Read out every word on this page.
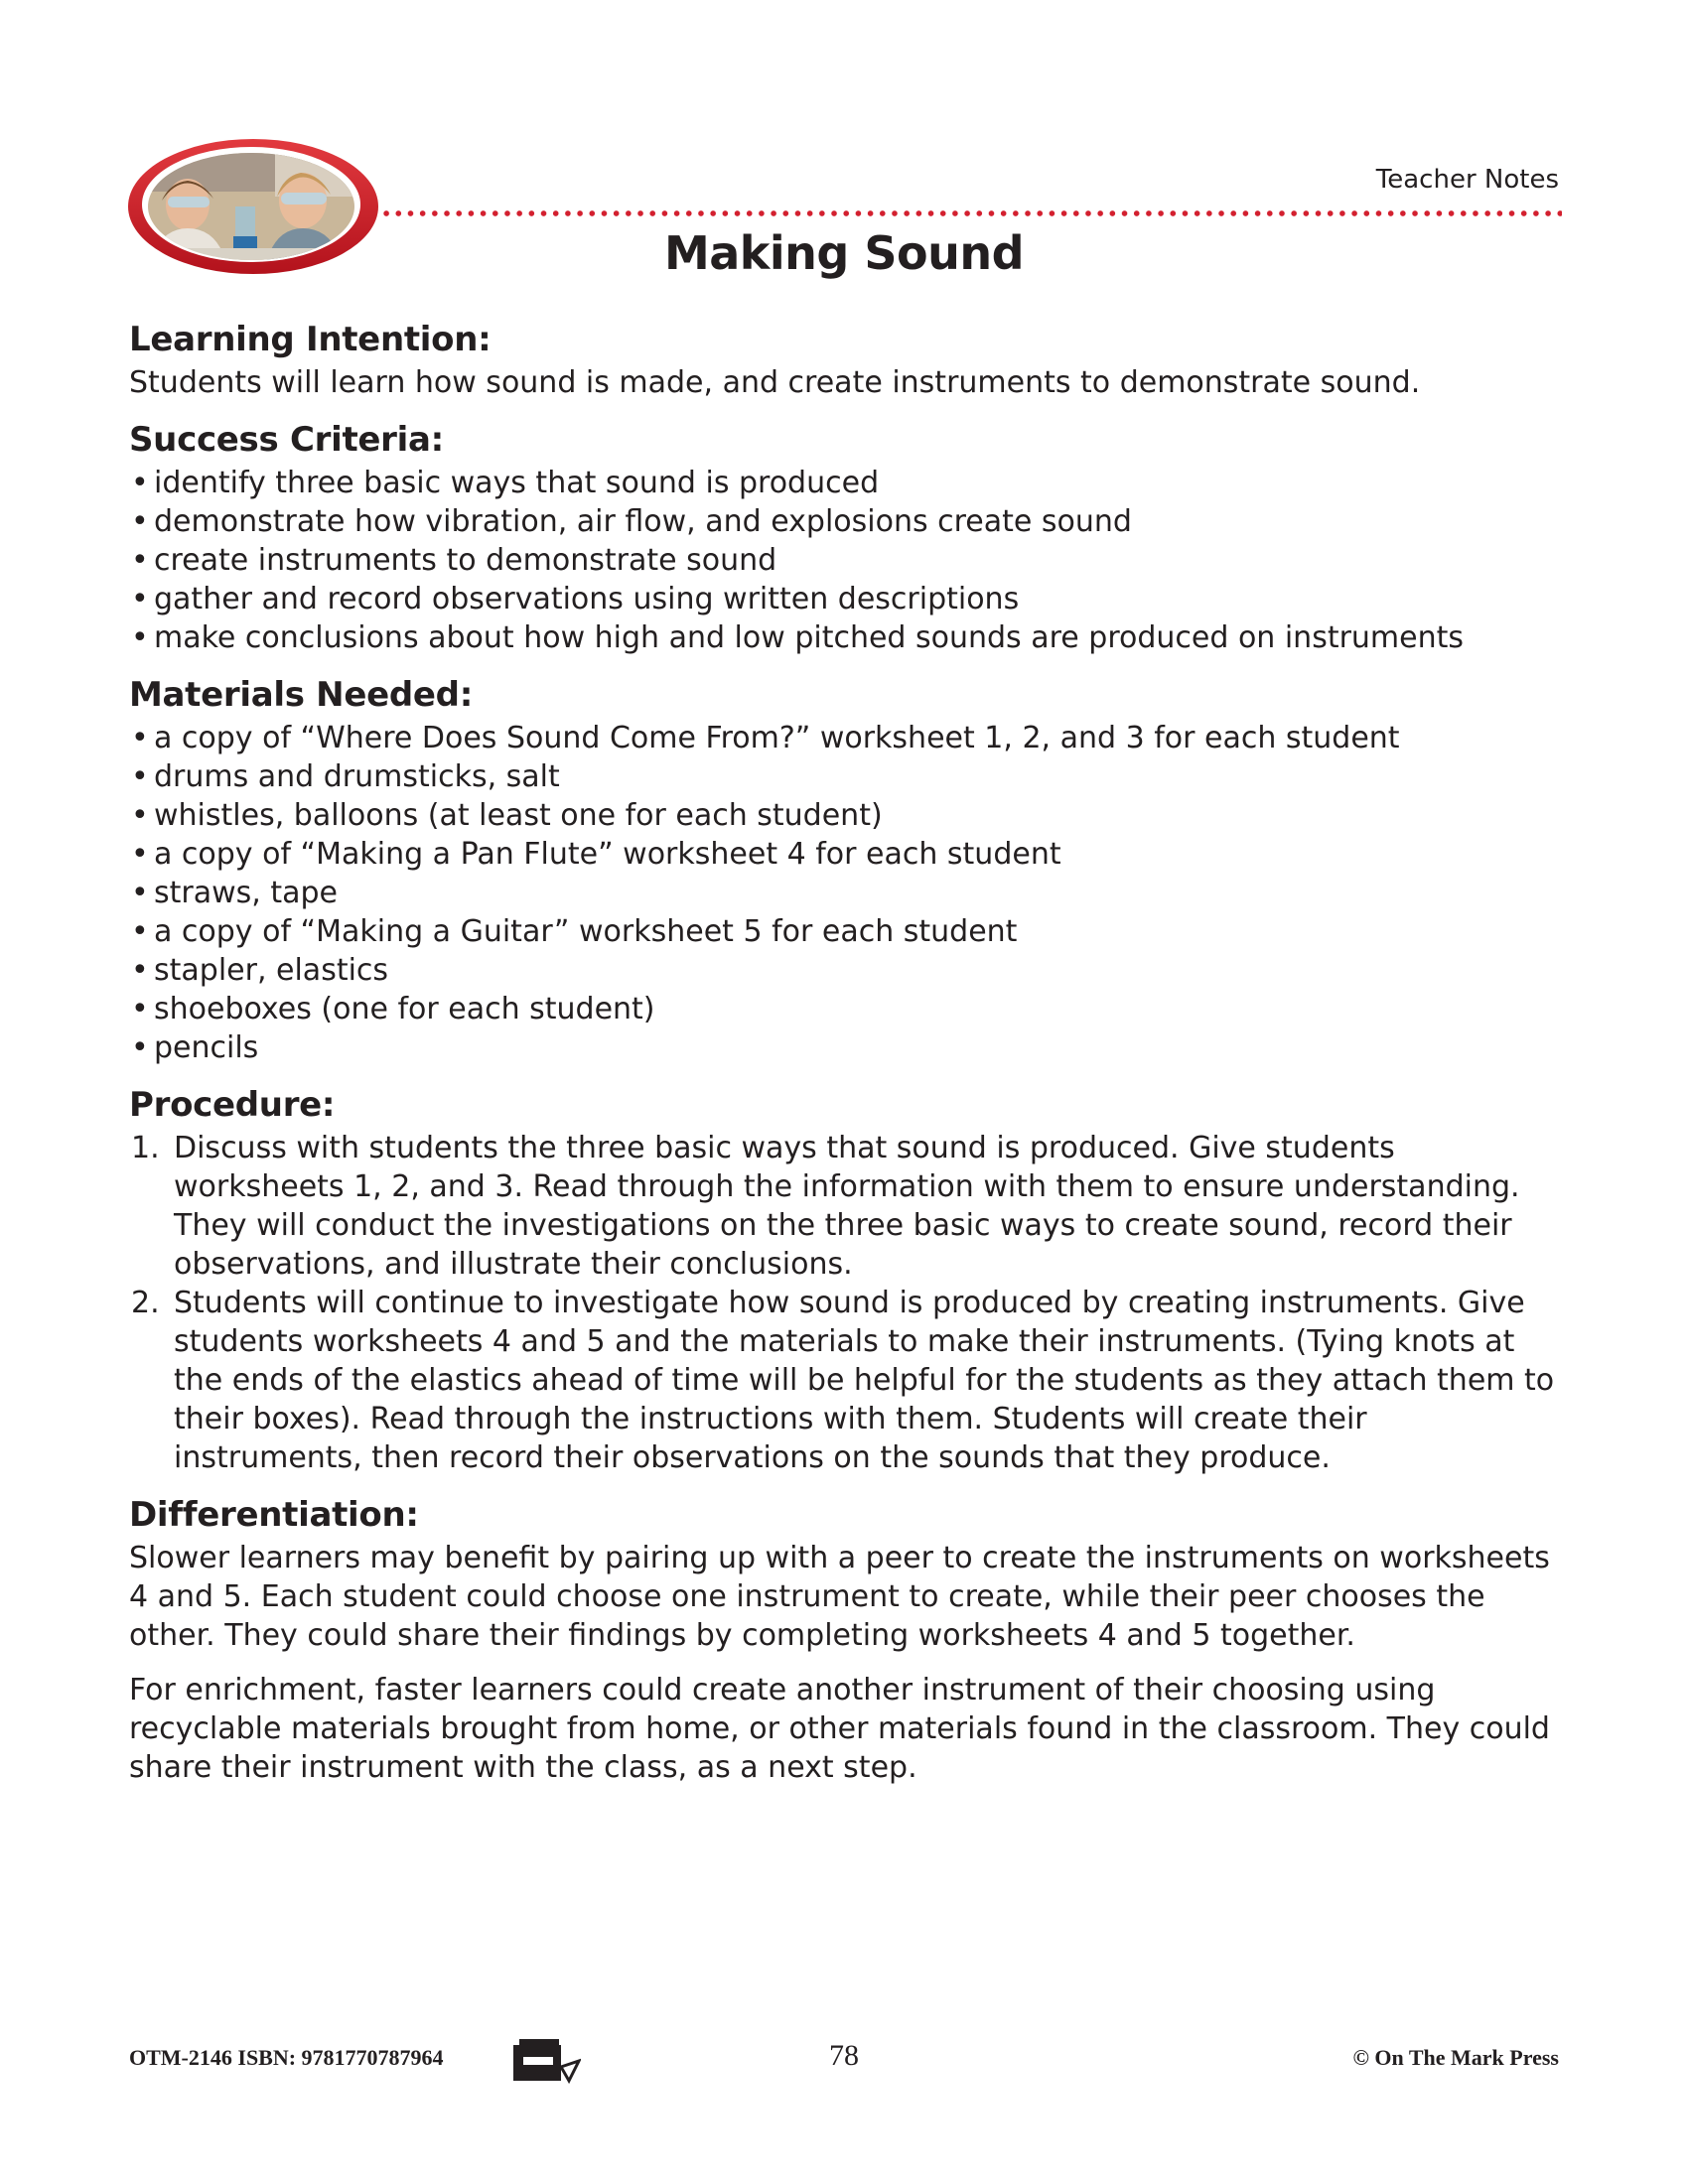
Teacher Notes
Making Sound
Learning Intention:

Students will learn how sound is made, and create instruments to demonstrate sound.

Success Criteria:
• identify three basic ways that sound is produced
• demonstrate how vibration, air flow, and explosions create sound
• create instruments to demonstrate sound
• gather and record observations using written descriptions
• make conclusions about how high and low pitched sounds are produced on instruments
Materials Needed:
• a copy of “Where Does Sound Come From?” worksheet 1, 2, and 3 for each student
• drums and drumsticks, salt
• whistles, balloons (at least one for each student)
• a copy of “Making a Pan Flute” worksheet 4 for each student
• straws, tape
• a copy of “Making a Guitar” worksheet 5 for each student
• stapler, elastics
• shoeboxes (one for each student)
• pencils
Procedure:
1. Discuss with students the three basic ways that sound is produced. Give students worksheets 1, 2, and 3. Read through the information with them to ensure understanding. They will conduct the investigations on the three basic ways to create sound, record their observations, and illustrate their conclusions.
2. Students will continue to investigate how sound is produced by creating instruments. Give students worksheets 4 and 5 and the materials to make their instruments. (Tying knots at the ends of the elastics ahead of time will be helpful for the students as they attach them to their boxes). Read through the instructions with them. Students will create their instruments, then record their observations on the sounds that they produce.
Differentiation:

Slower learners may benefit by pairing up with a peer to create the instruments on worksheets 4 and 5. Each student could choose one instrument to create, while their peer chooses the other. They could share their findings by completing worksheets 4 and 5 together.

For enrichment, faster learners could create another instrument of their choosing using recyclable materials brought from home, or other materials found in the classroom. They could share their instrument with the class, as a next step.

OTM-2146 ISBN: 9781770787964	78	© On The Mark Press
